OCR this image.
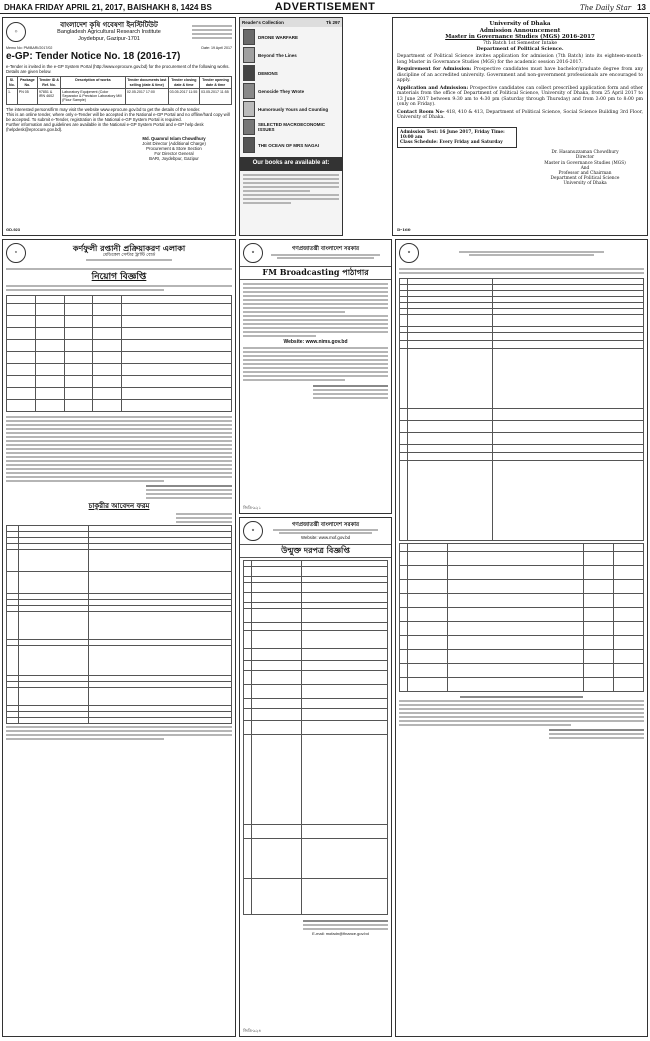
DHAKA FRIDAY APRIL 21, 2017, BAISHAKH 8, 1424 BS	ADVERTISEMENT	The Daily Star 13
◎
বাংলাদেশ কৃষি গবেষণা ইনস্টিটিউট
Bangladesh Agricultural Research Institute
Joydebpur, Gazipur-1701
Memo No: PM/BARI/2017/02	Date: 19 April 2017
e-GP: Tender Notice No. 18 (2016-17)
e-Tender is invited in the e-GP System Portal (http://www.eprocure.gov.bd) for the procurement of the following works. Details are given below.
Sl. No.	Package No.	Tender ID & Ref. No.	Description of works	Tender documents last selling (date & time)	Tender closing date & time	Tender opening date & time
1.	PN 05	97851 & IRN 4602	Laboratory Equipment (Color Separator & Precision Laboratory Mill (Flour Sample)	02.05.2017 17:00	03.05.2017 11:55	03.05.2017 11:55
The interested persons/firm may visit the website www.eprocure.gov.bd to get the details of the tender.
This is an online tender, where only e-Tender will be accepted in the National e-GP Portal and no offline/hard copy will be accepted. To submit e-Tender, registration in the National e-GP System Portal is required.
Further information and guidelines are available in the National e-GP System Portal and e-GP help desk (helpdesk@eprocure.gov.bd).
Md. Quamrul Islam Chowdhury
Joint Director (Additional Charge)
Procurement & Store Section
For Director General
BARI, Joydebpur, Gazipur
GD-923
Reader's Collection	Tk 297
DRONE WARFARE
Beyond The Lines
DEMONS
Genocide They Wrote
Humorously Yours and Counting
SELECTED MACROECONOMIC ISSUES
THE OCEAN OF MRS NAGAI
Our books are available at:
University of Dhaka
Admission Announcement
Master in Governance Studies (MGS) 2016-2017
7th Batch 1st Semester Intake
Department of Political Science.

Department of Political Science invites application for admission (7th Batch) into its eighteen-month-long Master in Governance Studies (MGS) for the academic session 2016-2017.

Requirement for Admission: Prospective candidates must have bachelor/graduate degree from any discipline of an accredited university. Government and non-government professionals are encouraged to apply.

Application and Admission: Prospective candidates can collect prescribed application form and other materials from the office of Department of Political Science, University of Dhaka, from 25 April 2017 to 13 June 2017 between 9:30 am to 4:30 pm (Saturday through Thursday) and from 3:00 pm to 8:00 pm (only on Friday).

Contact Room No- 418, 410 & 413, Department of Political Science, Social Science Building 3rd Floor, University of Dhaka.

Admission Test: 16 June 2017, Friday Time: 10:00 am
Class Schedule: Every Friday and Saturday
Dr. Hasanuzzaman Chowdhury
Director
Master in Governance Studies (MGS)
And
Professor and Chairman
Department of Political Science
University of Dhaka
D-160
✿	গণপ্রজাতন্ত্রী বাংলাদেশ সরকার
FM Broadcasting পাঠাগার
Website: www.nims.gov.bd
জিডি-৯২১
★	কর্ণফুলী রপ্তানী প্রক্রিয়াকরণ এলাকা
মেডিকেল সেন্টার ট্রাস্টি বোর্ড
নিয়োগ বিজ্ঞপ্তি

চাকুরীর আবেদন ফরম

✿
গণপ্রজাতন্ত্রী বাংলাদেশ সরকার
Website: www.mof.gov.bd
উন্মুক্ত দরপত্র বিজ্ঞপ্তি

E-mail: mofadn@finance.gov.bd
জিডি-৯২৪
✿
